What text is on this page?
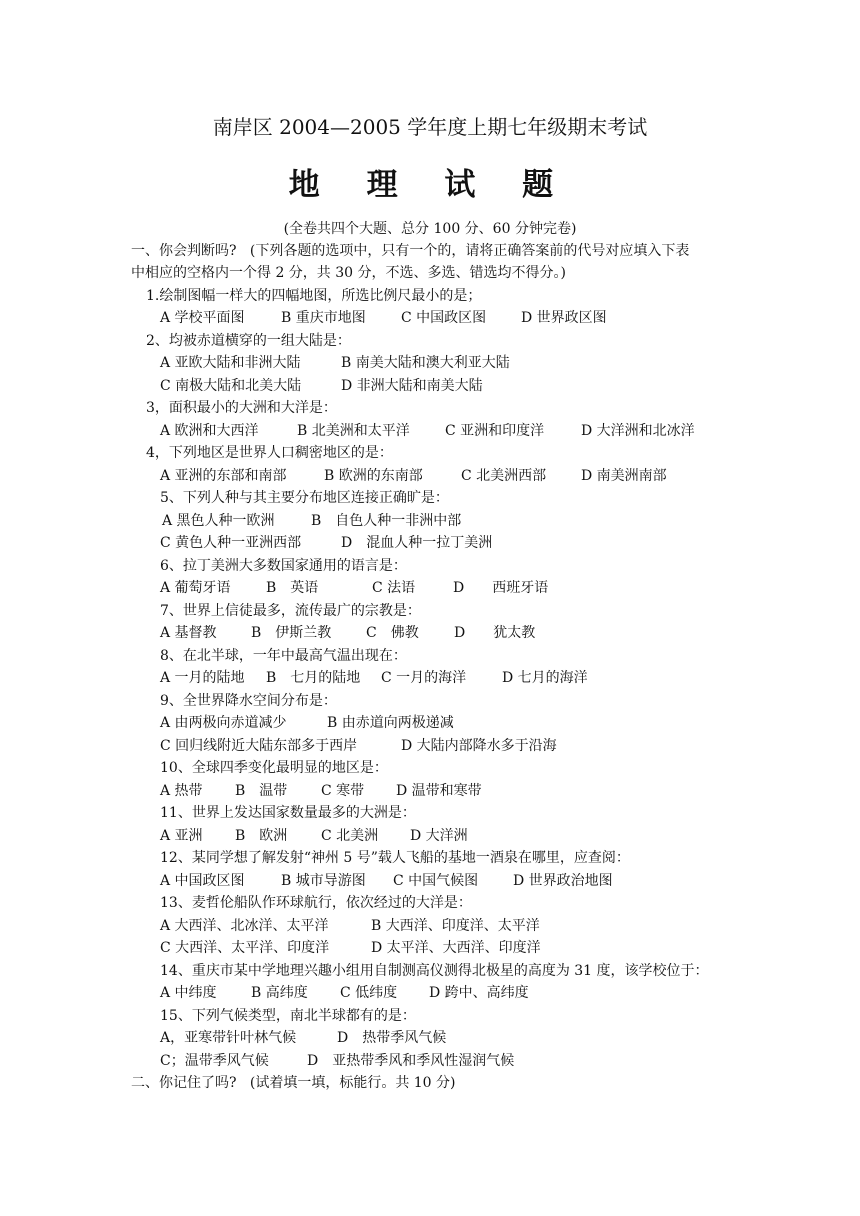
南岸区 2004—2005 学年度上期七年级期末考试
地 理 试 题
(全卷共四个大题、总分 100 分、60 分钟完卷)
一、你会判断吗?   (下列各题的选项中，只有一个的，请将正确答案前的代号对应填入下表
中相应的空格内一个得 2 分，共 30 分，不选、多选、错选均不得分。)
1.绘制图幅一样大的四幅地图，所选比例尺最小的是；
A 学校平面图	B 重庆市地图	C 中国政区图 D 世界政区图
2、均被赤道横穿的一组大陆是：
A 亚欧大陆和非洲大陆	B 南美大陆和澳大利亚大陆
C 南极大陆和北美大陆	D 非洲大陆和南美大陆
3，面积最小的大洲和大洋是：
A 欧洲和大西洋	B 北美洲和太平洋	C 亚洲和印度洋	D 大洋洲和北冰洋
4，下列地区是世界人口稠密地区的是：
A 亚洲的东部和南部	B 欧洲的东南部	C 北美洲西部 D 南美洲南部
5、下列人种与其主要分布地区连接正确旷是：
A 黑色人种一欧洲	B　自色人种一非洲中部
C 黄色人种一亚洲西部	D　混血人种一拉丁美洲
6、拉丁美洲大多数国家通用的语言是：
A 葡萄牙语	B　英语	C 法语	D　　西班牙语
7、世界上信徒最多，流传最广的宗教是：
A 基督教 B　伊斯兰教 C　佛教	D　　犹太教
8、在北半球，一年中最高气温出现在：
A 一月的陆地 B　七月的陆地 C 一月的海洋	D 七月的海洋
9、全世界降水空间分布是：
A 由两极向赤道减少	B 由赤道向两极递减
C 回归线附近大陆东部多于西岸	D 大陆内部降水多于沿海
10、全球四季变化最明显的地区是：
A 热带 B　温带 C 寒带 D 温带和寒带
11、世界上发达国家数量最多的大洲是：
A 亚洲 B　欧洲 C 北美洲 D 大洋洲
12、某同学想了解发射“神州 5 号”载人飞船的基地一酒泉在哪里，应查阅：
A 中国政区图	B 城市导游图 C 中国气候图 D 世界政治地图
13、麦哲伦船队作环球航行，依次经过的大洋是：
A 大西洋、北冰洋、太平洋	B 大西洋、印度洋、太平洋
C 大西洋、太平洋、印度洋	D 太平洋、大西洋、印度洋
14、重庆市某中学地理兴趣小组用自制测高仪测得北极星的高度为 31 度，该学校位于：
A 中纬度 B 高纬度 C 低纬度 D 跨中、高纬度
15、下列气候类型，南北半球都有的是：
A，亚寒带针叶林气候	D　热带季风气候
C；温带季风气候	D　亚热带季风和季风性湿润气候
二、你记住了吗?   (试着填一填，标能行。共 10 分)
